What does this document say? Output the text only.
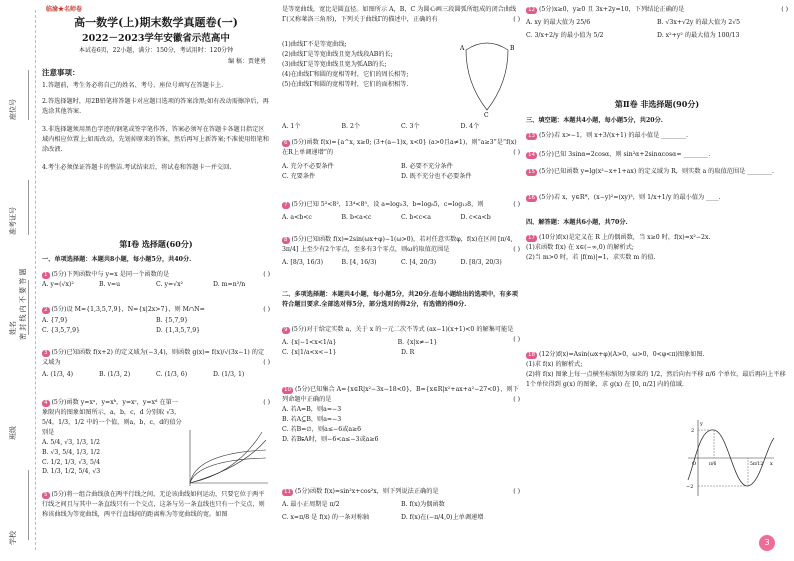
座位号
准考证号
密 封 线 内 不 要 答 题
姓名
班级
学校
临渝★名师卷
高一数学(上)期末数学真题卷(一)
2022－2023学年安徽省示范高中
本试卷6页，22小题，满分：150分，考试用时：120分钟
编 稿：贾建勇
注意事项：
1.答题前，考生务必将自己的姓名、考号、座位号填写在答题卡上.
2.答选择题时，用2B铅笔将答题卡对应题目选项的答案涂黑;如有改动需擦净后，再选涂其他答案.
3.非选择题须用黑色字迹的钢笔或签字笔作答，答案必须写在答题卡各题目指定区域内相应位置上;如需改动，先划掉原来的答案，然后再写上新答案;不准使用铅笔和涂改液.
4.考生必须保证答题卡的整洁.考试结束后，将试卷和答题卡一并交回.
第Ⅰ卷 选择题(60分)
一、单项选择题：本题共8小题，每小题5分，共40分.
1 (5分)下列函数中与 y=x 是同一个函数的是	( )
A. y=(√x)²	B. v=u	C. y=√x²	D. m=n²/n
2 (5分)设 M={1,3,5,7,9}，N={x|2x>7}，则 M∩N=	( )
A. {7,9}	B. {5,7,9}
C. {3,5,7,9}	D. {1,3,5,7,9}
3 (5分)已知函数 f(x+2) 的定义域为(−3,4)，则函数 g(x)= f(x)/√(3x−1) 的定义域为	( )
A. (1/3, 4)	B. (1/3, 2)	C. (1/3, 6)	D. (1/3, 1)
4 (5分)函数 y=xᵃ，y=xᵇ，y=xᶜ，y=xᵈ 在第一象限内的图象如图所示，a，b，c，d 分别取 √3，5/4，1/3，1/2 中的一个值，则a，b，c，d的值分别是
A. 5/4, √3, 1/3, 1/2
B. √3, 5/4, 1/3, 1/2
C. 1/2, 1/3, √3, 5/4
D. 1/3, 1/2, 5/4, √3
( )
5 (5分)将一组合曲线放在两平行线之间，无论该曲线如何运动，只要它位于两平行线之间且与其中一条直线只有一个交点，这条与另一条直线也只有一个交点，则称该曲线为等宽曲线，两平行直线间的距离称为等宽曲线的宽。如图
是等宽曲线，宽比是圆直径。如图所示 A，B，C 为圆心画三段圆弧所组成的闭合曲线Γ(又称莱洛三角形)，下列关于曲线Γ的描述中，正确的有	( )
(1)曲线Γ不是等宽曲线;
(2)曲线Γ是等宽曲线且宽为线段AB的长;
(3)曲线Γ是等宽曲线且宽为弧AB的长;
(4)在曲线Γ和圆的宽相等时，它们的周长相等;
(5)在曲线Γ和圆的宽相等时，它们的面积相等.
A	B
C
A. 1个	B. 2个	C. 3个	D. 4个
6 (5分)函数 f(x)={a^x, x≥0; (3+(a−1)x, x<0} (a>0且a≠1)，则“a≥3”是“f(x)在R上单调递增”的	( )
A. 充分不必要条件	B. 必要不充分条件
C. 充要条件	D. 既不充分也不必要条件
7 (5分)已知 5³<8²，13⁴<8⁵，设 a=log₅3，b=log₈5，c=log₁₃8，则	( )
A. a<b<c	B. b<a<c	C. b<c<a	D. c<a<b
8 (5分)已知函数 f(x)=2sin(ωx+φ)−1(ω>0)，若对任意实数φ，f(x)在区间 [π/4, 3π/4] 上至少有2个零点，至多有3个零点，则ω的取值范围是	( )
A. [8/3, 16/3)	B. [4, 16/3)	C. [4, 20/3)	D. [8/3, 20/3)
二、多项选择题：本题共4小题，每小题5分，共20分.在每小题给出的选项中，有多项符合题目要求.全部选对得5分，部分选对的得2分，有选错的得0分.
9 (5分)对于给定实数 a，关于 x 的一元二次不等式 (ax−1)(x+1)<0 的解集可能是
( )
A. {x|−1<x<1/a}	B. {x|x≠−1}
C. {x|1/a<x<−1}	D. R
10 (5分)已知集合 A={x∈R|x²−3x−18<0}，B={x∈R|x²+ax+a²−27<0}，则下列命题中正确的是	( )
A. 若A=B，则a=−3
B. 若A⊆B，则a=−3
C. 若B=∅，则a≤−6或a≥6
D. 若B⫋A时，则−6<a≤−3或a≥6
11 (5分)函数 f(x)=sin²x+cos²x，则下列说法正确的是	( )
A. 最小正周期是 π/2	B. f(x)为偶函数
C. x=π/8 是 f(x) 的一条对称轴	D. f(x)在(−π/4,0)上单调递增
12 (5分)x≥0，y≥0 且 3x+2y=10，下列结论正确的是	( )
A. xy 的最大值为 25/6	B. √3x+√2y 的最大值为 2√5
C. 3/x+2/y 的最小值为 5/2	D. x²+y² 的最大值为 100/13
第Ⅱ卷 非选择题(90分)
三、填空题：本题共4小题，每小题5分，共20分.
13 (5分)若 x>−1，则 x+3/(x+1) 的最小值是 ________.
14 (5分)已知 3sinα=2cosα，则 sin²α+2sinαcosα= ________.
15 (5分)已知函数 y=lg(x²−x+1+ax) 的定义域为 R，则实数 a 的取值范围是 ________.
16 (5分)若 x，y∈R*，(x−y)²=(xy)³，则 1/x+1/y 的最小值为 ____.
四、解答题：本题共6小题，共70分.
17 (10分)f(x)是定义在 R 上的偶函数，当 x≥0 时，f(x)=x²−2x.
(1)求函数 f(x) 在 x∈(−∞,0) 的解析式;
(2)当 m>0 时，若 |f(m)|=1，求实数 m 的值.
18 (12分)f(x)=Asin(ωx+φ)(A>0，ω>0，0<φ<π)图象如图.
(1)求 f(x) 的解析式;
(2)将 f(x) 图象上每一点横坐标缩短为原来的 1/2，然后向右平移 π/6 个单位，最后再向上平移1个单位得到 g(x) 的图象，求 g(x) 在 [0, π/2] 内的值域.
y
x
O
2
−2
π/6	5π/12
3
